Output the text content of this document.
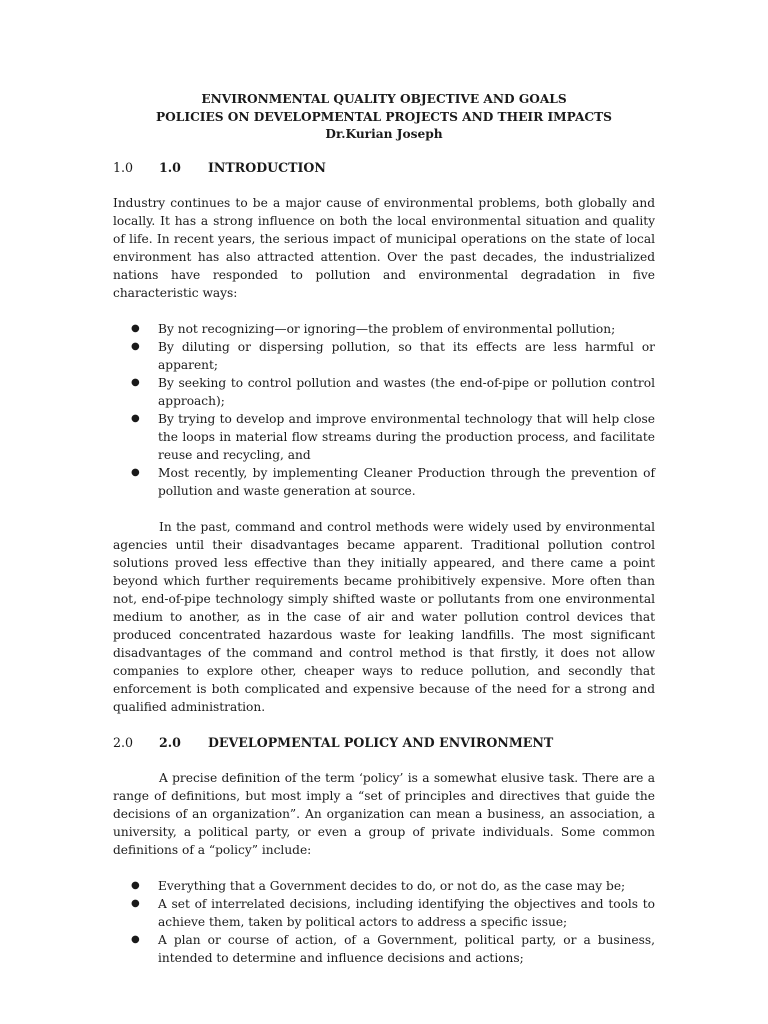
ENVIRONMENTAL QUALITY OBJECTIVE AND GOALS
POLICIES ON DEVELOPMENTAL PROJECTS AND THEIR IMPACTS
Dr.Kurian Joseph
1.0	1.0	INTRODUCTION

Industry continues to be a major cause of environmental problems, both globally and locally. It has a strong influence on both the local environmental situation and quality of life. In recent years, the serious impact of municipal operations on the state of local environment has also attracted attention. Over the past decades, the industrialized nations have responded to pollution and environmental degradation in five characteristic ways:

● By not recognizing—or ignoring—the problem of environmental pollution;
● By diluting or dispersing pollution, so that its effects are less harmful or apparent;
● By seeking to control pollution and wastes (the end-of-pipe or pollution control approach);
● By trying to develop and improve environmental technology that will help close the loops in material flow streams during the production process, and facilitate reuse and recycling, and
● Most recently, by implementing Cleaner Production through the prevention of pollution and waste generation at source.

In the past, command and control methods were widely used by environmental agencies until their disadvantages became apparent. Traditional pollution control solutions proved less effective than they initially appeared, and there came a point beyond which further requirements became prohibitively expensive. More often than not, end-of-pipe technology simply shifted waste or pollutants from one environmental medium to another, as in the case of air and water pollution control devices that produced concentrated hazardous waste for leaking landfills. The most significant disadvantages of the command and control method is that firstly, it does not allow companies to explore other, cheaper ways to reduce pollution, and secondly that enforcement is both complicated and expensive because of the need for a strong and qualified administration.

2.0	2.0	DEVELOPMENTAL POLICY AND ENVIRONMENT

A precise definition of the term ‘policy’ is a somewhat elusive task. There are a range of definitions, but most imply a “set of principles and directives that guide the decisions of an organization”. An organization can mean a business, an association, a university, a political party, or even a group of private individuals. Some common definitions of a “policy” include:

● Everything that a Government decides to do, or not do, as the case may be;
● A set of interrelated decisions, including identifying the objectives and tools to achieve them, taken by political actors to address a specific issue;
● A plan or course of action, of a Government, political party, or a business, intended to determine and influence decisions and actions;
